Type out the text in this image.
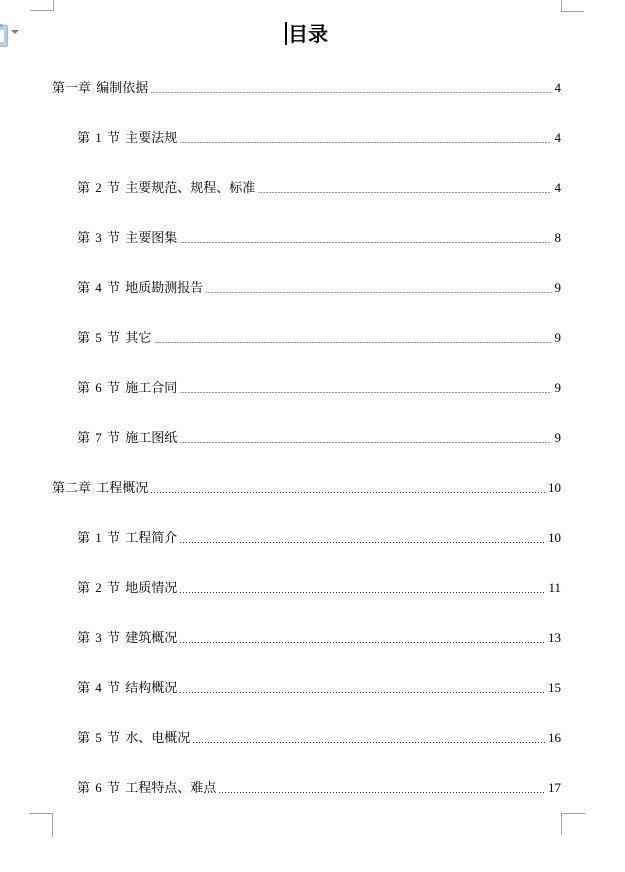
目录
第一章 编制依据	4
第 1 节 主要法规	4
第 2 节 主要规范、规程、标准	4
第 3 节 主要图集	8
第 4 节 地质勘测报告	9
第 5 节 其它	9
第 6 节 施工合同	9
第 7 节 施工图纸	9
第二章 工程概况	10
第 1 节 工程简介	10
第 2 节 地质情况	11
第 3 节 建筑概况	13
第 4 节 结构概况	15
第 5 节 水、电概况	16
第 6 节 工程特点、难点	17
